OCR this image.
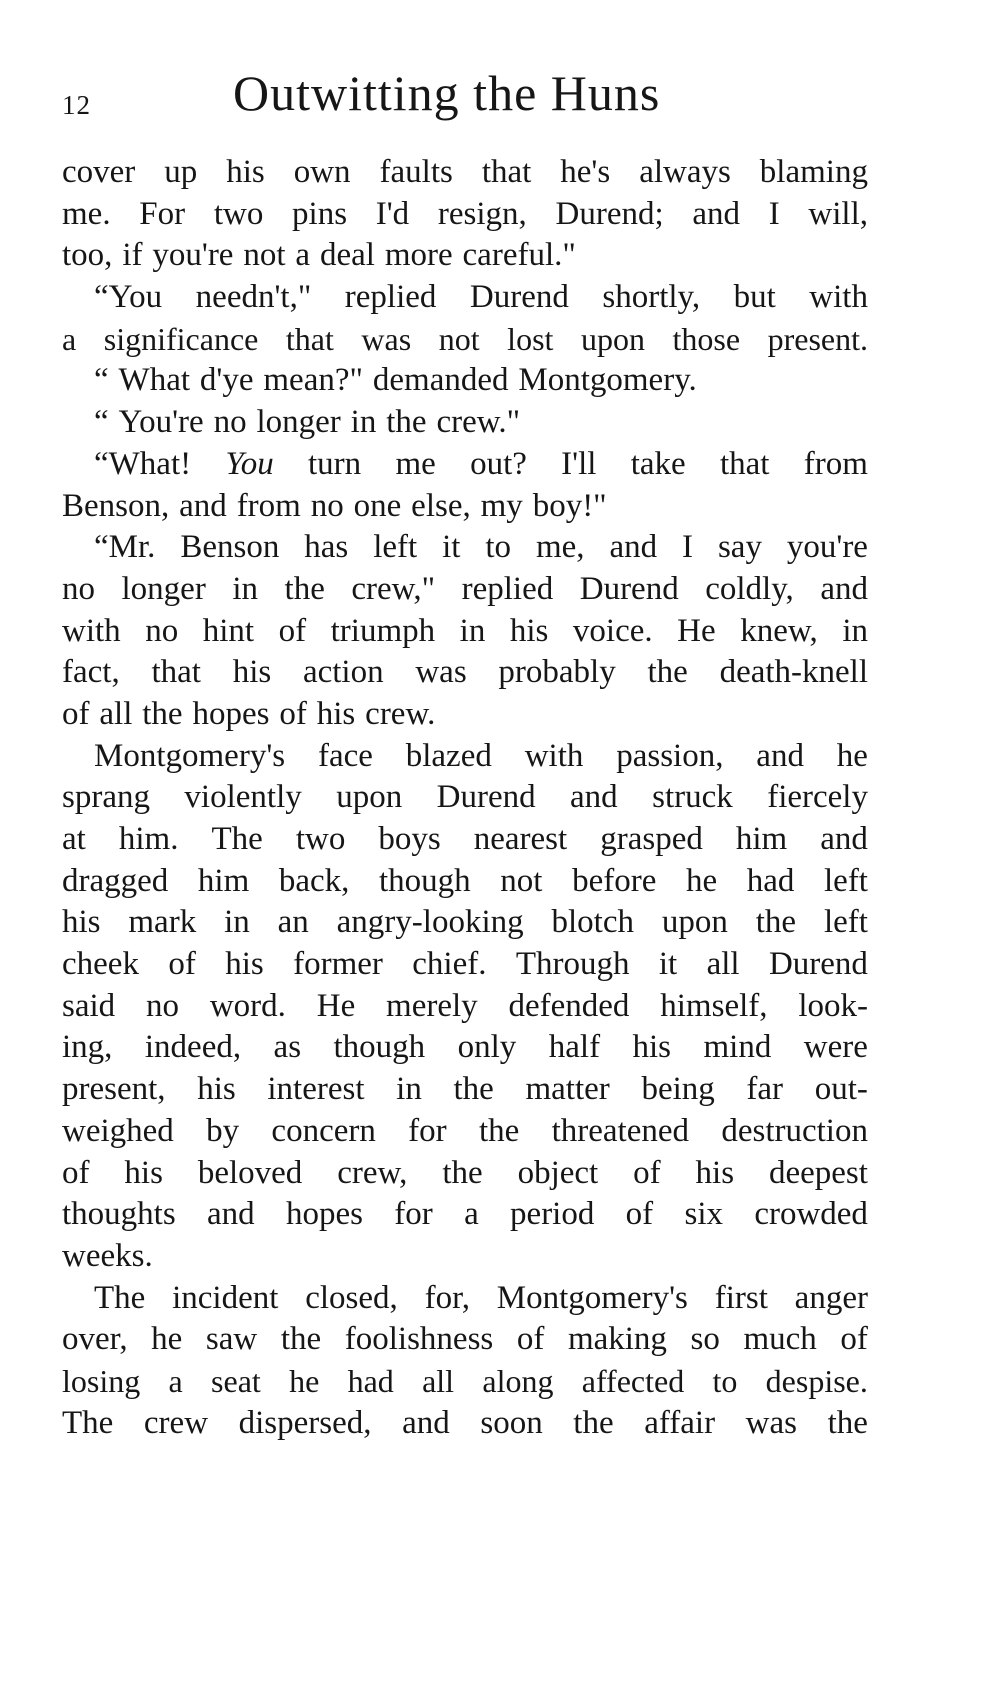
12	Outwitting the Huns
cover up his own faults that he's always blaming
me. For two pins I'd resign, Durend; and I will,
too, if you're not a deal more careful."
“You needn't," replied Durend shortly, but with
a significance that was not lost upon those present.
“ What d'ye mean?" demanded Montgomery.
“ You're no longer in the crew."
“What! You turn me out? I'll take that from
Benson, and from no one else, my boy!"
“Mr. Benson has left it to me, and I say you're
no longer in the crew," replied Durend coldly, and
with no hint of triumph in his voice. He knew, in
fact, that his action was probably the death-knell
of all the hopes of his crew.
Montgomery's face blazed with passion, and he
sprang violently upon Durend and struck fiercely
at him. The two boys nearest grasped him and
dragged him back, though not before he had left
his mark in an angry-looking blotch upon the left
cheek of his former chief. Through it all Durend
said no word. He merely defended himself, look-
ing, indeed, as though only half his mind were
present, his interest in the matter being far out-
weighed by concern for the threatened destruction
of his beloved crew, the object of his deepest
thoughts and hopes for a period of six crowded
weeks.
The incident closed, for, Montgomery's first anger
over, he saw the foolishness of making so much of
losing a seat he had all along affected to despise.
The crew dispersed, and soon the affair was the
